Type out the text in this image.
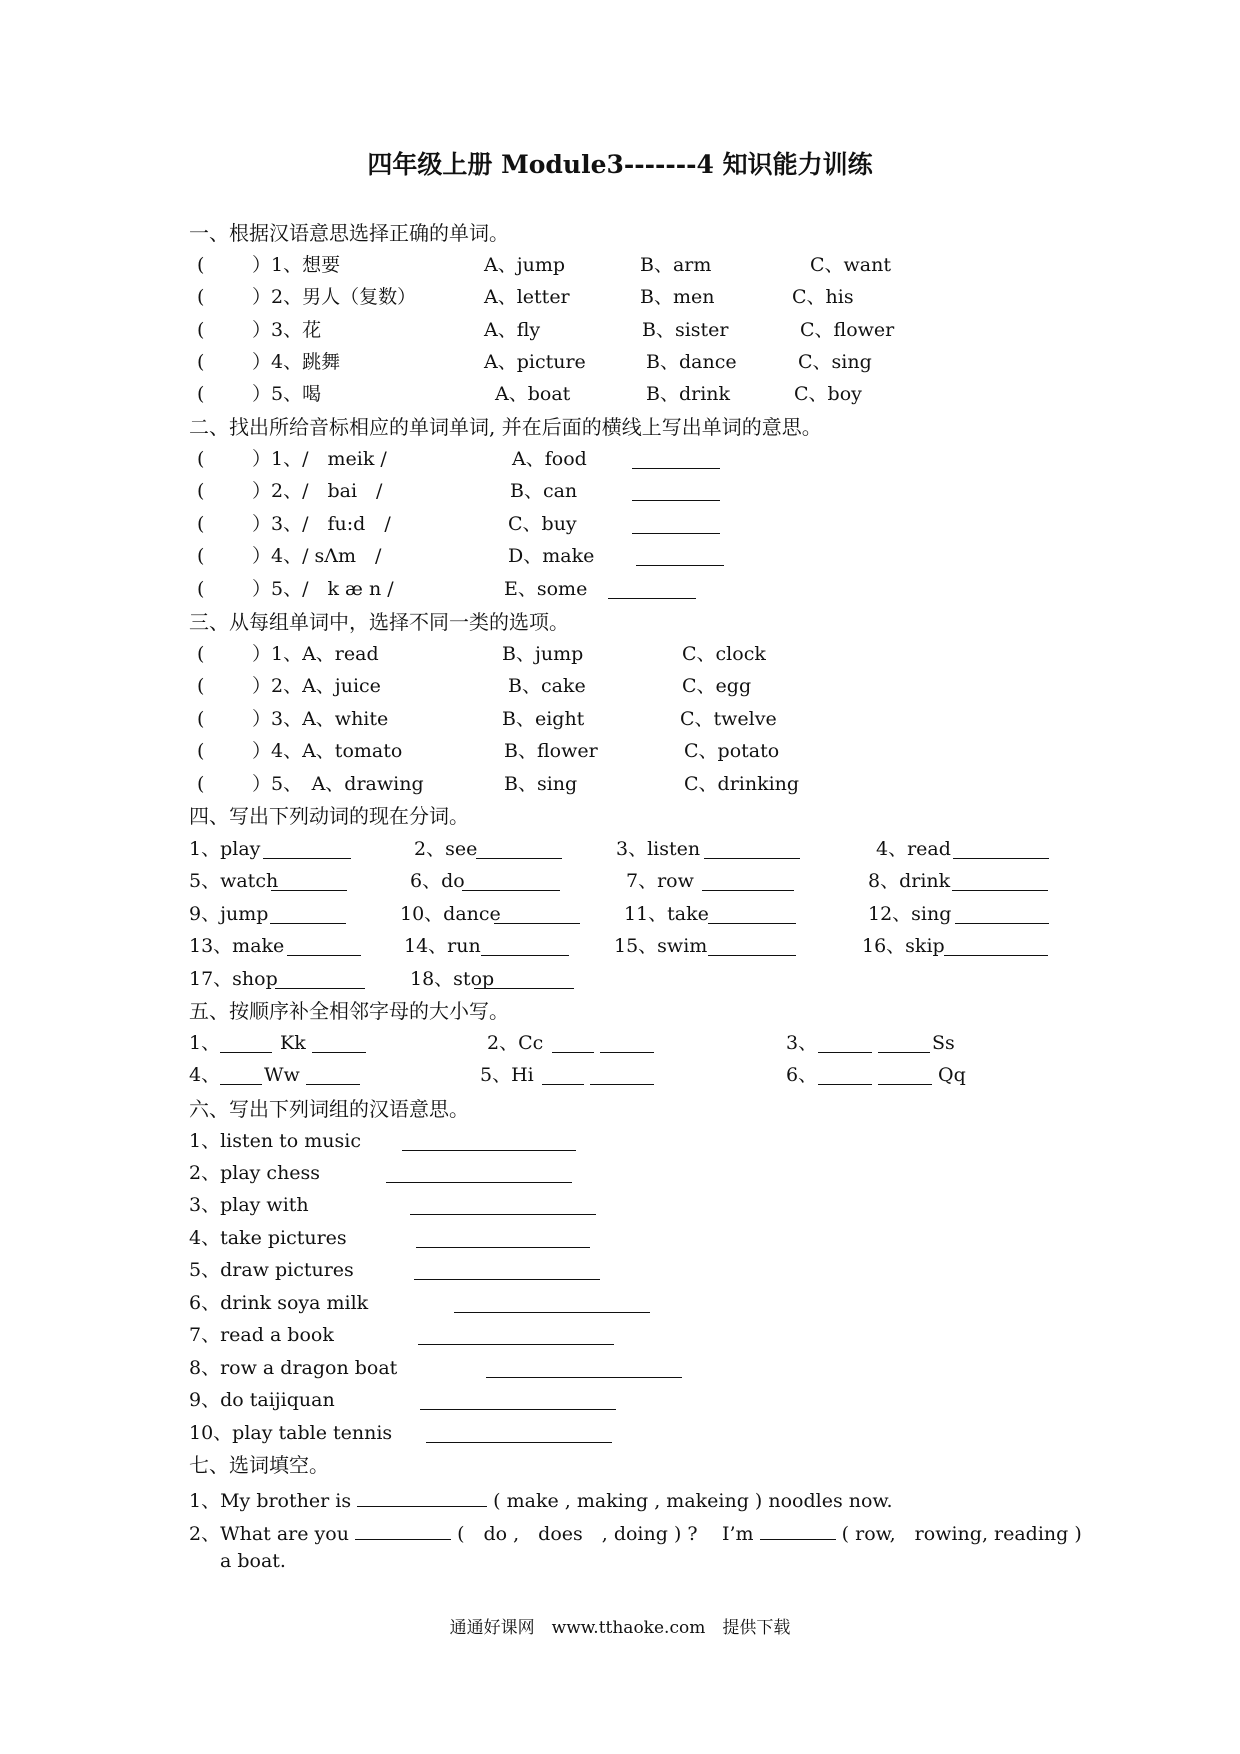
四年级上册 Module3-------4 知识能力训练
一、根据汉语意思选择正确的单词。
(	）1、想要	A、jump	B、arm	C、want
(	）2、男人（复数）	A、letter	B、men	C、his
(	）3、花	A、fly	B、sister	C、flower
(	）4、跳舞	A、picture	B、dance	C、sing
(	）5、喝	A、boat	B、drink	C、boy
二、找出所给音标相应的单词单词, 并在后面的横线上写出单词的意思。
(	）1、/　meik /	A、food
(	）2、/　bai　/	B、can
(	）3、/　fu:d　/	C、buy
(	）4、/ sΛm　/	D、make
(	）5、/　k æ n /	E、some
三、从每组单词中，选择不同一类的选项。
(	）1、A、read	B、jump	C、clock
(	）2、A、juice	B、cake	C、egg
(	）3、A、white	B、eight	C、twelve
(	）4、A、tomato	B、flower	C、potato
(	）5、　A、drawing	B、sing	C、drinking
四、写出下列动词的现在分词。
1、play	2、see	3、listen	4、read
5、watch	6、do	7、row	8、drink
9、jump	10、dance	11、take	12、sing
13、make	14、run	15、swim	16、skip
17、shop	18、stop
五、按顺序补全相邻字母的大小写。
1、	Kk	2、Cc	3、	Ss
4、 Ww	5、Hi	6、	Qq
六、写出下列词组的汉语意思。
1、listen to music
2、play chess
3、play with
4、take pictures
5、draw pictures
6、drink soya milk
7、read a book
8、row a dragon boat
9、do taijiquan
10、play table tennis
七、选词填空。
1、My brother is	( make , making , makeing ) noodles now.
2、What are you	(　do ,　does　, doing ) ? I’m	( row,　rowing, reading )
a boat.
通通好课网　www.tthaoke.com　提供下载
